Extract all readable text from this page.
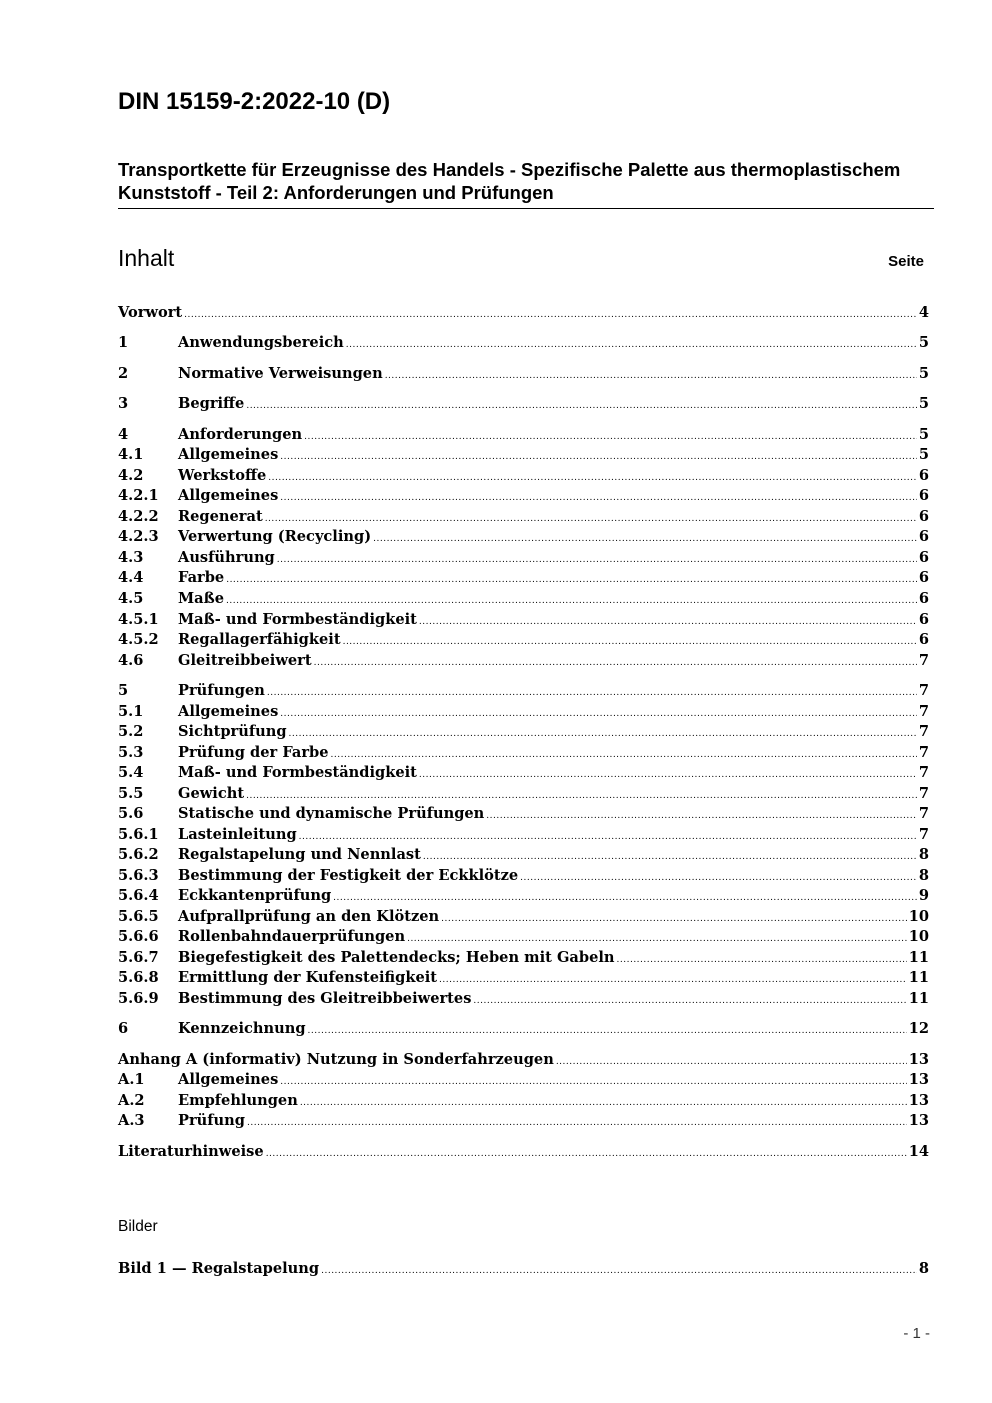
DIN 15159-2:2022-10 (D)
Transportkette für Erzeugnisse des Handels - Spezifische Palette aus thermoplastischem Kunststoff - Teil 2: Anforderungen und Prüfungen
Inhalt	Seite
Vorwort .....	4
1	Anwendungsbereich .....	5
2	Normative Verweisungen .....	5
3	Begriffe .....	5
4	Anforderungen .....	5
4.1	Allgemeines .....	5
4.2	Werkstoffe .....	6
4.2.1	Allgemeines .....	6
4.2.2	Regenerat .....	6
4.2.3	Verwertung (Recycling) .....	6
4.3	Ausführung .....	6
4.4	Farbe .....	6
4.5	Maße .....	6
4.5.1	Maß- und Formbeständigkeit .....	6
4.5.2	Regallagerfähigkeit .....	6
4.6	Gleitreibbeiwert .....	7
5	Prüfungen .....	7
5.1	Allgemeines .....	7
5.2	Sichtprüfung .....	7
5.3	Prüfung der Farbe .....	7
5.4	Maß- und Formbeständigkeit .....	7
5.5	Gewicht .....	7
5.6	Statische und dynamische Prüfungen .....	7
5.6.1	Lasteinleitung .....	7
5.6.2	Regalstapelung und Nennlast .....	8
5.6.3	Bestimmung der Festigkeit der Eckklötze .....	8
5.6.4	Eckkantenprüfung .....	9
5.6.5	Aufprallprüfung an den Klötzen .....	10
5.6.6	Rollenbahndauerprüfungen .....	10
5.6.7	Biegefestigkeit des Palettendecks; Heben mit Gabeln .....	11
5.6.8	Ermittlung der Kufensteifigkeit .....	11
5.6.9	Bestimmung des Gleitreibbeiwertes .....	11
6	Kennzeichnung .....	12
Anhang A (informativ) Nutzung in Sonderfahrzeugen .....	13
A.1	Allgemeines .....	13
A.2	Empfehlungen .....	13
A.3	Prüfung .....	13
Literaturhinweise .....	14
Bilder
Bild 1 — Regalstapelung .....	8
- 1 -
